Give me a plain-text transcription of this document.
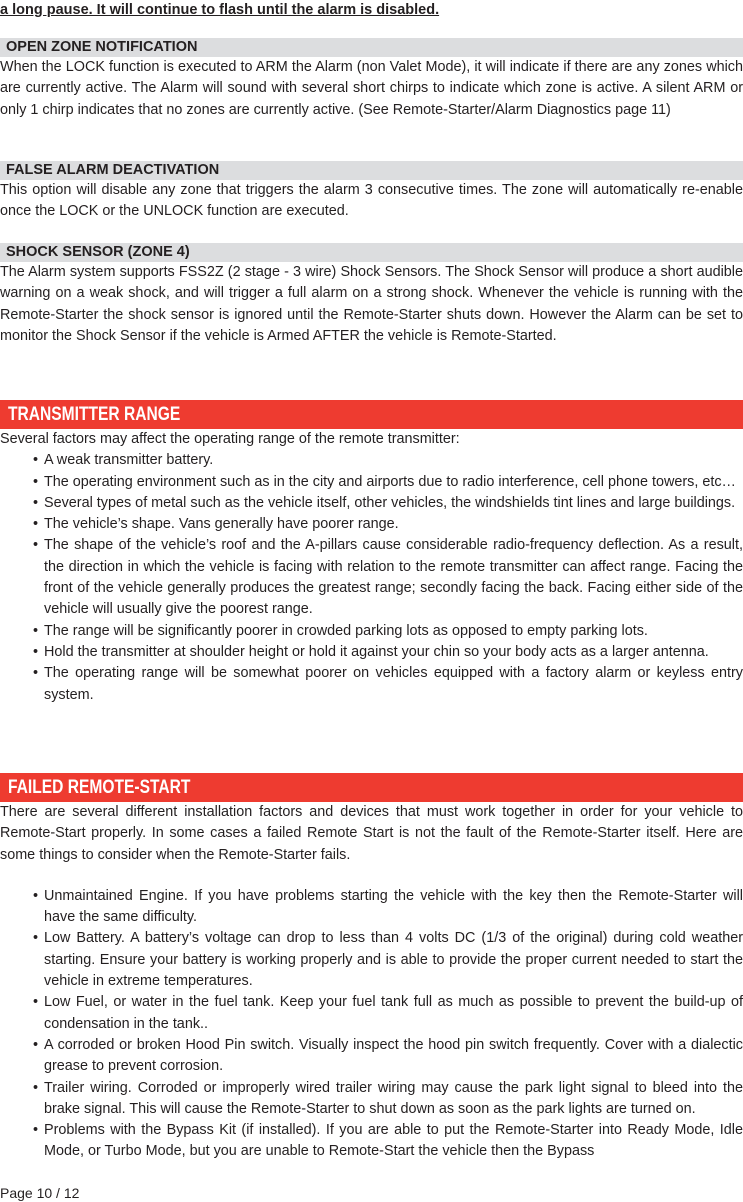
a long pause. It will continue to flash until the alarm is disabled.

OPEN ZONE NOTIFICATION

When the LOCK function is executed to ARM the Alarm (non Valet Mode), it will indicate if there are any zones which are currently active. The Alarm will sound with several short chirps to indicate which zone is active. A silent ARM or only 1 chirp indicates that no zones are currently active. (See Remote-Starter/Alarm Diagnostics page 11)

FALSE ALARM DEACTIVATION

This option will disable any zone that triggers the alarm 3 consecutive times. The zone will automatically re-enable once the LOCK or the UNLOCK function are executed.

SHOCK SENSOR (ZONE 4)

The Alarm system supports FSS2Z (2 stage - 3 wire) Shock Sensors. The Shock Sensor will produce a short audible warning on a weak shock, and will trigger a full alarm on a strong shock. Whenever the vehicle is running with the Remote-Starter the shock sensor is ignored until the Remote-Starter shuts down. However the Alarm can be set to monitor the Shock Sensor if the vehicle is Armed AFTER the vehicle is Remote-Started.

TRANSMITTER RANGE

Several factors may affect the operating range of the remote transmitter:

• A weak transmitter battery.
• The operating environment such as in the city and airports due to radio interference, cell phone towers, etc…
• Several types of metal such as the vehicle itself, other vehicles, the windshields tint lines and large buildings.
• The vehicle’s shape. Vans generally have poorer range.
• The shape of the vehicle’s roof and the A-pillars cause considerable radio-frequency deflection. As a result, the direction in which the vehicle is facing with relation to the remote transmitter can affect range. Facing the front of the vehicle generally produces the greatest range; secondly facing the back. Facing either side of the vehicle will usually give the poorest range.
• The range will be significantly poorer in crowded parking lots as opposed to empty parking lots.
• Hold the transmitter at shoulder height or hold it against your chin so your body acts as a larger antenna.
• The operating range will be somewhat poorer on vehicles equipped with a factory alarm or keyless entry system.
FAILED REMOTE-START

There are several different installation factors and devices that must work together in order for your vehicle to Remote-Start properly. In some cases a failed Remote Start is not the fault of the Remote-Starter itself. Here are some things to consider when the Remote-Starter fails.

• Unmaintained Engine. If you have problems starting the vehicle with the key then the Remote-Starter will have the same difficulty.
• Low Battery. A battery’s voltage can drop to less than 4 volts DC (1/3 of the original) during cold weather starting. Ensure your battery is working properly and is able to provide the proper current needed to start the vehicle in extreme temperatures.
• Low Fuel, or water in the fuel tank. Keep your fuel tank full as much as possible to prevent the build-up of condensation in the tank..
• A corroded or broken Hood Pin switch. Visually inspect the hood pin switch frequently. Cover with a dialectic grease to prevent corrosion.
• Trailer wiring. Corroded or improperly wired trailer wiring may cause the park light signal to bleed into the brake signal. This will cause the Remote-Starter to shut down as soon as the park lights are turned on.
• Problems with the Bypass Kit (if installed). If you are able to put the Remote-Starter into Ready Mode, Idle Mode, or Turbo Mode, but you are unable to Remote-Start the vehicle then the Bypass
Page 10 / 12
